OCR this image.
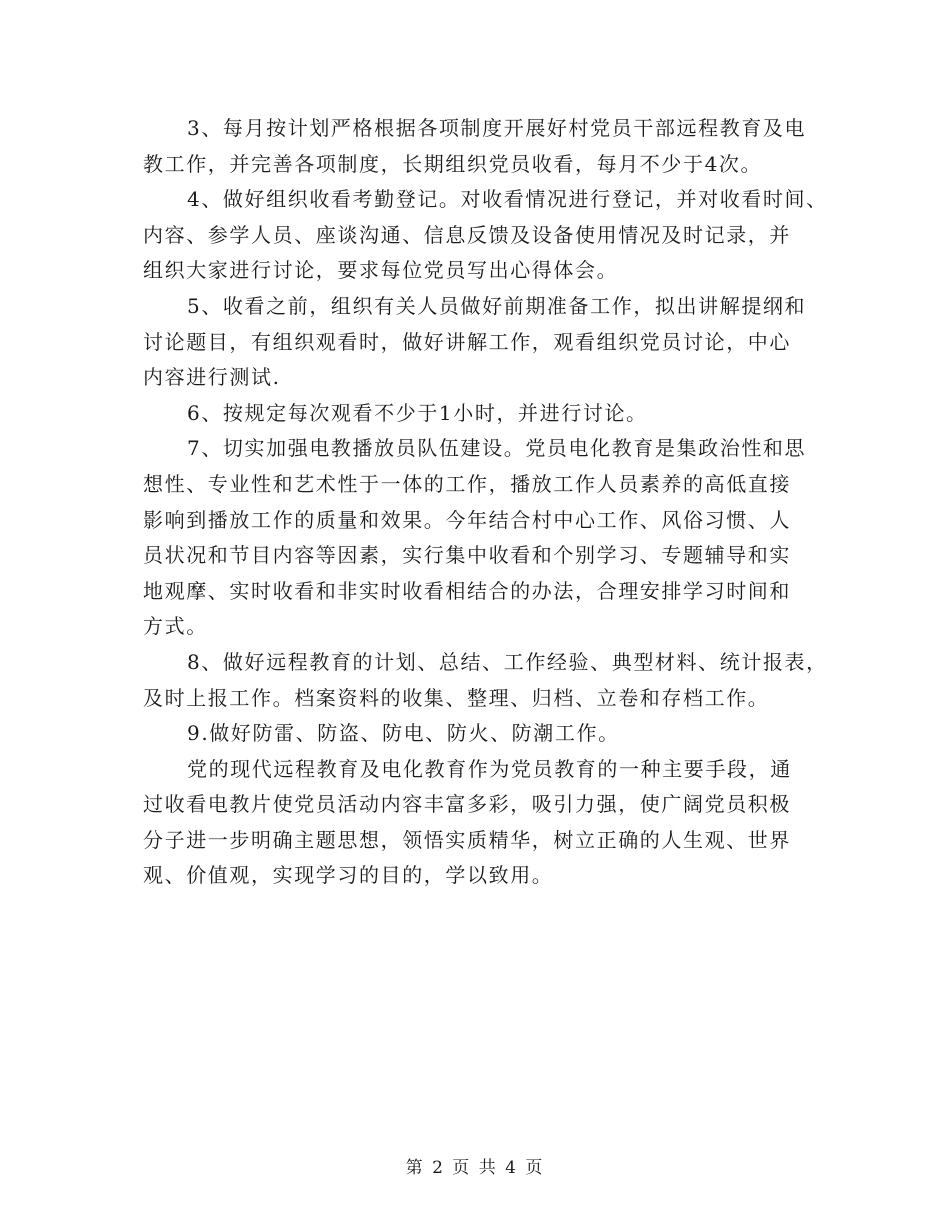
3、每月按计划严格根据各项制度开展好村党员干部远程教育及电
教工作，并完善各项制度，长期组织党员收看，每月不少于4次。
4、做好组织收看考勤登记。对收看情况进行登记，并对收看时间、
内容、参学人员、座谈沟通、信息反馈及设备使用情况及时记录，并
组织大家进行讨论，要求每位党员写出心得体会。
5、收看之前，组织有关人员做好前期准备工作，拟出讲解提纲和
讨论题目，有组织观看时，做好讲解工作，观看组织党员讨论，中心
内容进行测试.
6、按规定每次观看不少于1小时，并进行讨论。
7、切实加强电教播放员队伍建设。党员电化教育是集政治性和思
想性、专业性和艺术性于一体的工作，播放工作人员素养的高低直接
影响到播放工作的质量和效果。今年结合村中心工作、风俗习惯、人
员状况和节目内容等因素，实行集中收看和个别学习、专题辅导和实
地观摩、实时收看和非实时收看相结合的办法，合理安排学习时间和
方式。
8、做好远程教育的计划、总结、工作经验、典型材料、统计报表，
及时上报工作。档案资料的收集、整理、归档、立卷和存档工作。
9.做好防雷、防盗、防电、防火、防潮工作。
党的现代远程教育及电化教育作为党员教育的一种主要手段，通
过收看电教片使党员活动内容丰富多彩，吸引力强，使广阔党员积极
分子进一步明确主题思想，领悟实质精华，树立正确的人生观、世界
观、价值观，实现学习的目的，学以致用。
第 2 页 共 4 页
